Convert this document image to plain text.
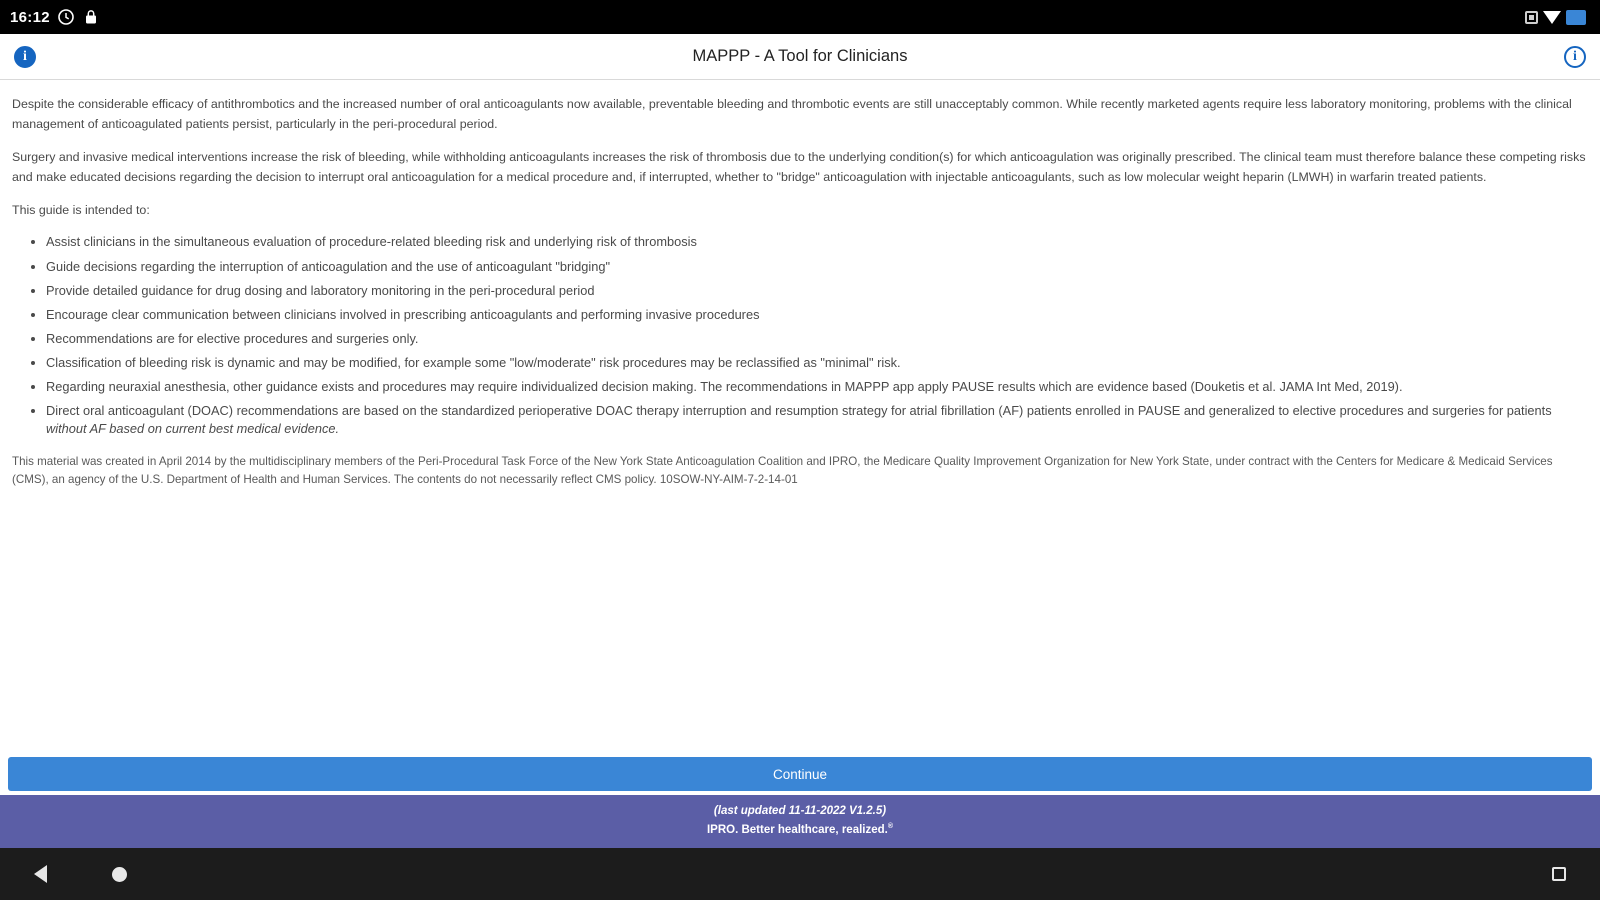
16:12
i	MAPPP - A Tool for Clinicians	i

Despite the considerable efficacy of antithrombotics and the increased number of oral anticoagulants now available, preventable bleeding and thrombotic events are still unacceptably common. While recently marketed agents require less laboratory monitoring, problems with the clinical management of anticoagulated patients persist, particularly in the peri-procedural period.

Surgery and invasive medical interventions increase the risk of bleeding, while withholding anticoagulants increases the risk of thrombosis due to the underlying condition(s) for which anticoagulation was originally prescribed. The clinical team must therefore balance these competing risks and make educated decisions regarding the decision to interrupt oral anticoagulation for a medical procedure and, if interrupted, whether to "bridge" anticoagulation with injectable anticoagulants, such as low molecular weight heparin (LMWH) in warfarin treated patients.

This guide is intended to:

• Assist clinicians in the simultaneous evaluation of procedure-related bleeding risk and underlying risk of thrombosis
• Guide decisions regarding the interruption of anticoagulation and the use of anticoagulant "bridging"
• Provide detailed guidance for drug dosing and laboratory monitoring in the peri-procedural period
• Encourage clear communication between clinicians involved in prescribing anticoagulants and performing invasive procedures
• Recommendations are for elective procedures and surgeries only.
• Classification of bleeding risk is dynamic and may be modified, for example some "low/moderate" risk procedures may be reclassified as "minimal" risk.
• Regarding neuraxial anesthesia, other guidance exists and procedures may require individualized decision making. The recommendations in MAPPP app apply PAUSE results which are evidence based (Douketis et al. JAMA Int Med, 2019).
• Direct oral anticoagulant (DOAC) recommendations are based on the standardized perioperative DOAC therapy interruption and resumption strategy for atrial fibrillation (AF) patients enrolled in PAUSE and generalized to elective procedures and surgeries for patients without AF based on current best medical evidence.

This material was created in April 2014 by the multidisciplinary members of the Peri-Procedural Task Force of the New York State Anticoagulation Coalition and IPRO, the Medicare Quality Improvement Organization for New York State, under contract with the Centers for Medicare & Medicaid Services (CMS), an agency of the U.S. Department of Health and Human Services. The contents do not necessarily reflect CMS policy. 10SOW-NY-AIM-7-2-14-01

Continue
(last updated 11-11-2022 V1.2.5)
IPRO. Better healthcare, realized.®
